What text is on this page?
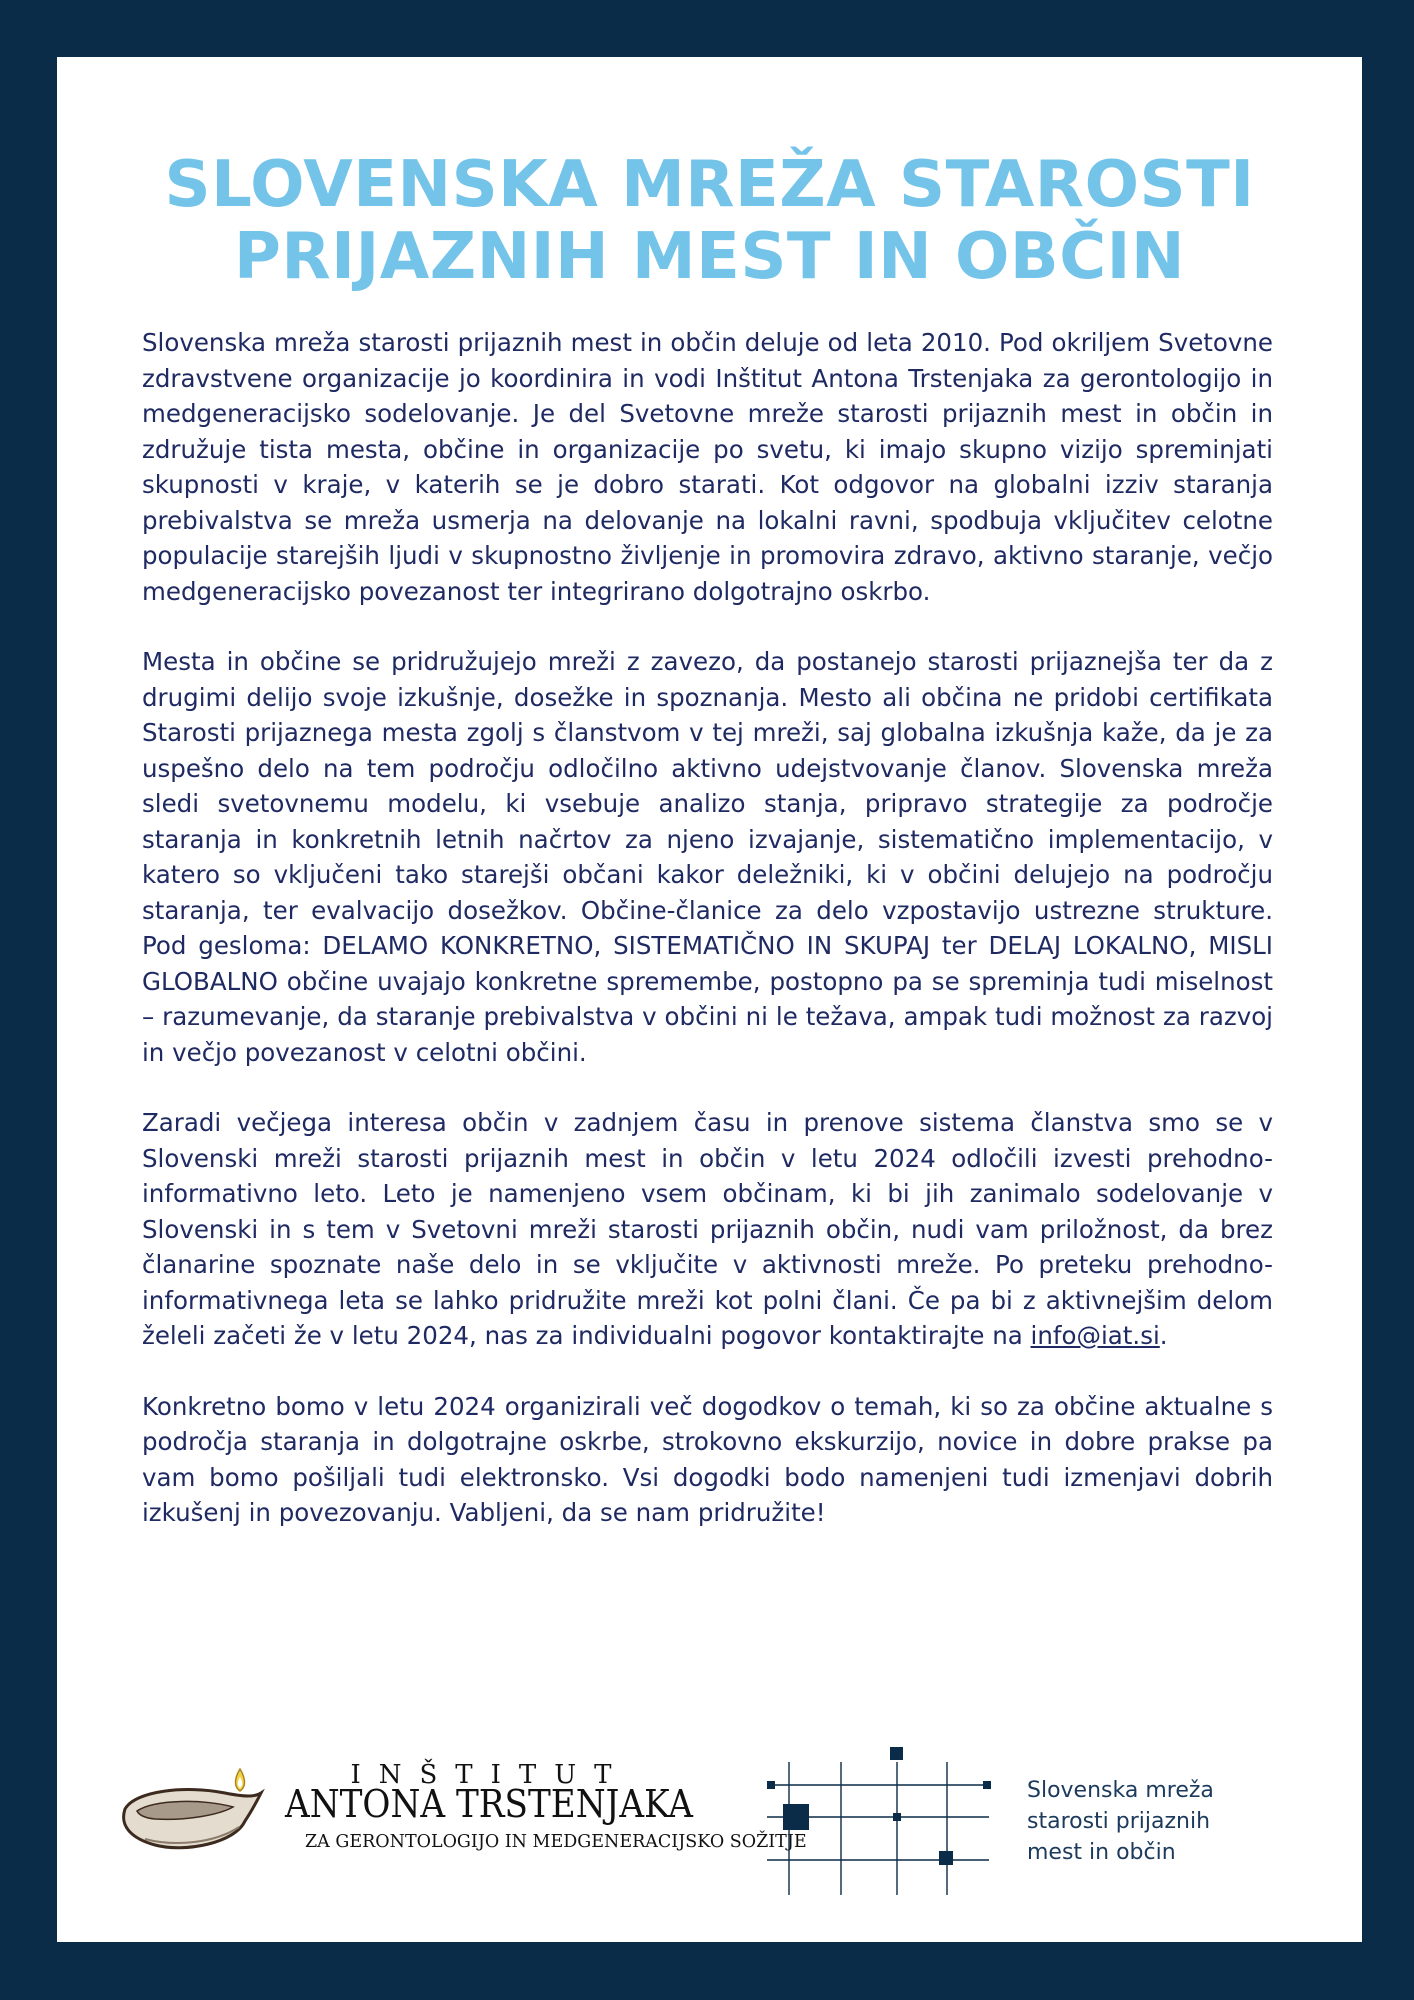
SLOVENSKA MREŽA STAROSTI
PRIJAZNIH MEST IN OBČIN

Slovenska mreža starosti prijaznih mest in občin deluje od leta 2010. Pod okriljem Svetovne zdravstvene organizacije jo koordinira in vodi Inštitut Antona Trstenjaka za gerontologijo in medgeneracijsko sodelovanje. Je del Svetovne mreže starosti prijaznih mest in občin in združuje tista mesta, občine in organizacije po svetu, ki imajo skupno vizijo spreminjati skupnosti v kraje, v katerih se je dobro starati. Kot odgovor na globalni izziv staranja prebivalstva se mreža usmerja na delovanje na lokalni ravni, spodbuja vključitev celotne populacije starejših ljudi v skupnostno življenje in promovira zdravo, aktivno staranje, večjo medgeneracijsko povezanost ter integrirano dolgotrajno oskrbo.

Mesta in občine se pridružujejo mreži z zavezo, da postanejo starosti prijaznejša ter da z drugimi delijo svoje izkušnje, dosežke in spoznanja. Mesto ali občina ne pridobi certifikata Starosti prijaznega mesta zgolj s članstvom v tej mreži, saj globalna izkušnja kaže, da je za uspešno delo na tem področju odločilno aktivno udejstvovanje članov. Slovenska mreža sledi svetovnemu modelu, ki vsebuje analizo stanja, pripravo strategije za področje staranja in konkretnih letnih načrtov za njeno izvajanje, sistematično implementacijo, v katero so vključeni tako starejši občani kakor deležniki, ki v občini delujejo na področju staranja, ter evalvacijo dosežkov. Občine-članice za delo vzpostavijo ustrezne strukture. Pod gesloma: DELAMO KONKRETNO, SISTEMATIČNO IN SKUPAJ ter DELAJ LOKALNO, MISLI GLOBALNO občine uvajajo konkretne spremembe, postopno pa se spreminja tudi miselnost – razumevanje, da staranje prebivalstva v občini ni le težava, ampak tudi možnost za razvoj in večjo povezanost v celotni občini.

Zaradi večjega interesa občin v zadnjem času in prenove sistema članstva smo se v Slovenski mreži starosti prijaznih mest in občin v letu 2024 odločili izvesti prehodno-informativno leto. Leto je namenjeno vsem občinam, ki bi jih zanimalo sodelovanje v Slovenski in s tem v Svetovni mreži starosti prijaznih občin, nudi vam priložnost, da brez članarine spoznate naše delo in se vključite v aktivnosti mreže. Po preteku prehodno-informativnega leta se lahko pridružite mreži kot polni člani. Če pa bi z aktivnejšim delom želeli začeti že v letu 2024, nas za individualni pogovor kontaktirajte na info@iat.si.

Konkretno bomo v letu 2024 organizirali več dogodkov o temah, ki so za občine aktualne s področja staranja in dolgotrajne oskrbe, strokovno ekskurzijo, novice in dobre prakse pa vam bomo pošiljali tudi elektronsko. Vsi dogodki bodo namenjeni tudi izmenjavi dobrih izkušenj in povezovanju. Vabljeni, da se nam pridružite!

INŠTITUT
ANTONA TRSTENJAKA
ZA GERONTOLOGIJO IN MEDGENERACIJSKO SOŽITJE
Slovenska mreža
starosti prijaznih
mest in občin
